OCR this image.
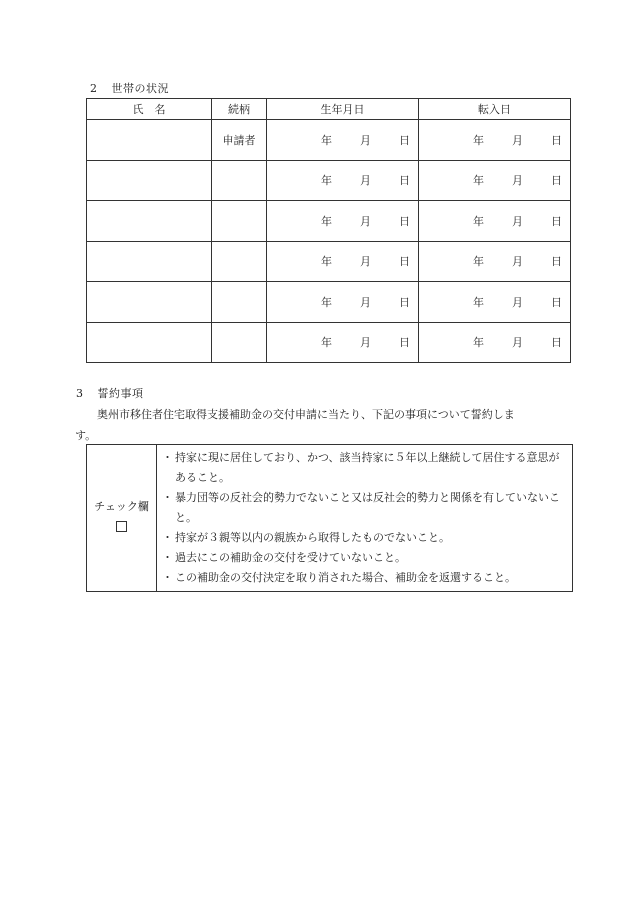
2 世帯の状況
氏　名	続柄	生年月日	転入日
	申請者	年 月 日	年 月 日

		年 月 日	年 月 日

		年 月 日	年 月 日

		年 月 日	年 月 日

		年 月 日	年 月 日

		年 月 日	年 月 日
3 誓約事項
奥州市移住者住宅取得支援補助金の交付申請に当たり、下記の事項について誓約しま
す。
チェック欄

・ 持家に現に居住しており、かつ、該当持家に５年以上継続して居住する意思があること。
・ 暴力団等の反社会的勢力でないこと又は反社会的勢力と関係を有していないこと。
・ 持家が３親等以内の親族から取得したものでないこと。
・ 過去にこの補助金の交付を受けていないこと。
・ この補助金の交付決定を取り消された場合、補助金を返還すること。
